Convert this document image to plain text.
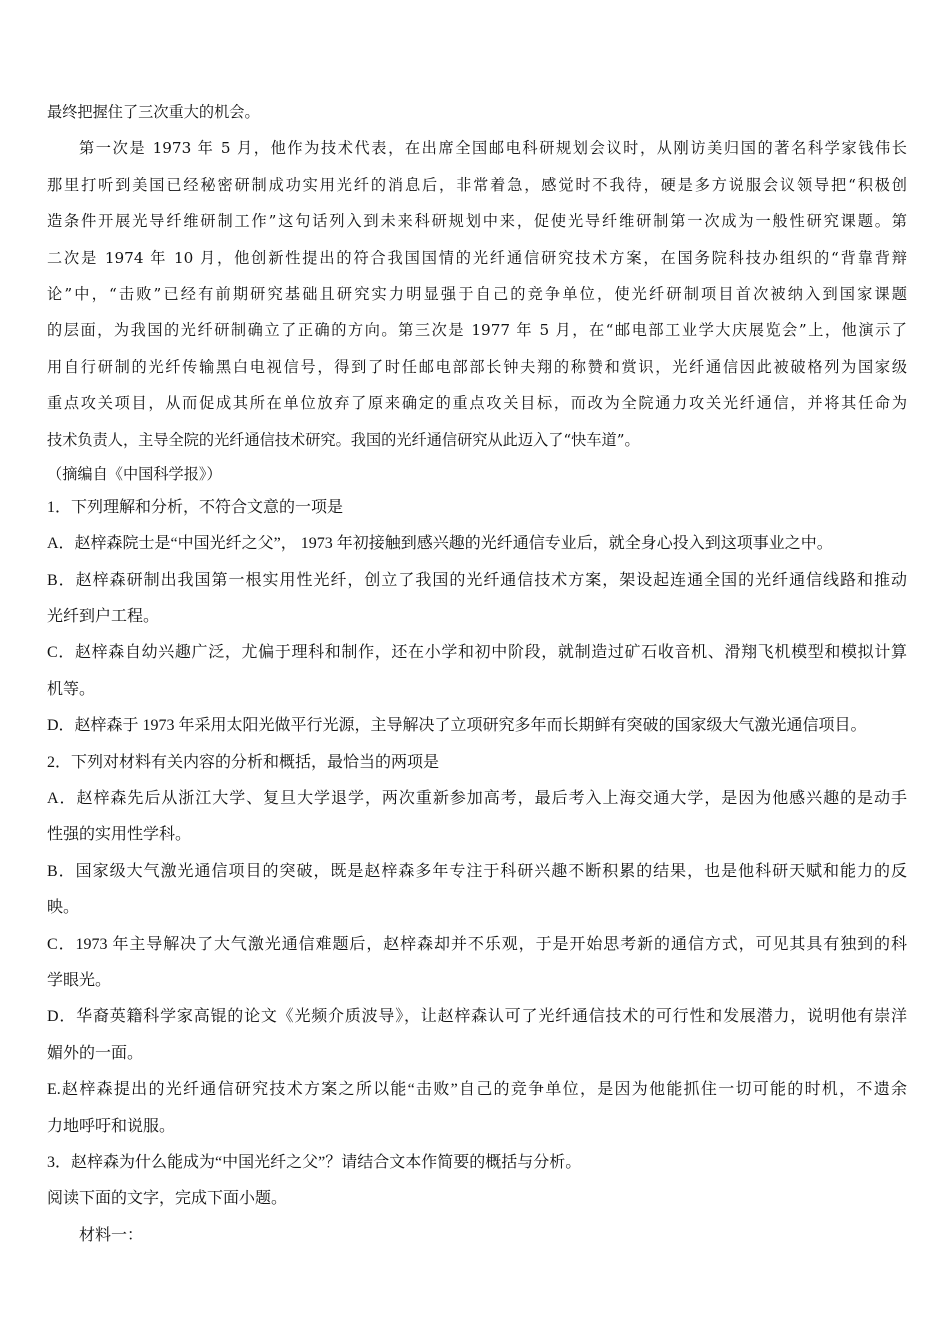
最终把握住了三次重大的机会。
第一次是 1973 年 5 月，他作为技术代表，在出席全国邮电科研规划会议时，从刚访美归国的著名科学家钱伟长
那里打听到美国已经秘密研制成功实用光纤的消息后，非常着急，感觉时不我待，硬是多方说服会议领导把“积极创
造条件开展光导纤维研制工作”这句话列入到未来科研规划中来，促使光导纤维研制第一次成为一般性研究课题。第
二次是 1974 年 10 月，他创新性提出的符合我国国情的光纤通信研究技术方案，在国务院科技办组织的“背靠背辩
论”中，“击败”已经有前期研究基础且研究实力明显强于自己的竞争单位，使光纤研制项目首次被纳入到国家课题
的层面，为我国的光纤研制确立了正确的方向。第三次是 1977 年 5 月，在“邮电部工业学大庆展览会”上，他演示了
用自行研制的光纤传输黑白电视信号，得到了时任邮电部部长钟夫翔的称赞和赏识，光纤通信因此被破格列为国家级
重点攻关项目，从而促成其所在单位放弃了原来确定的重点攻关目标，而改为全院通力攻关光纤通信，并将其任命为
技术负责人，主导全院的光纤通信技术研究。我国的光纤通信研究从此迈入了“快车道”。
（摘编自《中国科学报》）
1．下列理解和分析，不符合文意的一项是
A．赵梓森院士是“中国光纤之父”， 1973 年初接触到感兴趣的光纤通信专业后，就全身心投入到这项事业之中。
B．赵梓森研制出我国第一根实用性光纤，创立了我国的光纤通信技术方案，架设起连通全国的光纤通信线路和推动
光纤到户工程。
C．赵梓森自幼兴趣广泛，尤偏于理科和制作，还在小学和初中阶段，就制造过矿石收音机、滑翔飞机模型和模拟计算
机等。
D．赵梓森于 1973 年采用太阳光做平行光源，主导解决了立项研究多年而长期鲜有突破的国家级大气激光通信项目。
2．下列对材料有关内容的分析和概括，最恰当的两项是
A．赵梓森先后从浙江大学、复旦大学退学，两次重新参加高考，最后考入上海交通大学，是因为他感兴趣的是动手
性强的实用性学科。
B．国家级大气激光通信项目的突破，既是赵梓森多年专注于科研兴趣不断积累的结果，也是他科研天赋和能力的反
映。
C．1973 年主导解决了大气激光通信难题后，赵梓森却并不乐观，于是开始思考新的通信方式，可见其具有独到的科
学眼光。
D．华裔英籍科学家高锟的论文《光频介质波导》，让赵梓森认可了光纤通信技术的可行性和发展潜力，说明他有崇洋
媚外的一面。
E.赵梓森提出的光纤通信研究技术方案之所以能“击败”自己的竞争单位，是因为他能抓住一切可能的时机，不遗余
力地呼吁和说服。
3．赵梓森为什么能成为“中国光纤之父”？请结合文本作简要的概括与分析。
阅读下面的文字，完成下面小题。
材料一：
